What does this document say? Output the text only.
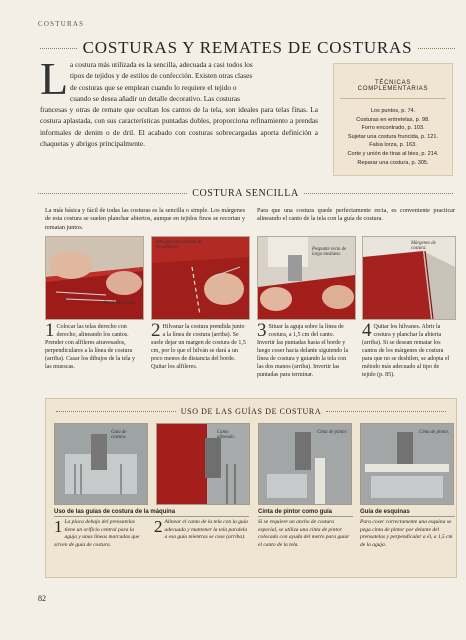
COSTURAS
COSTURAS Y REMATES DE COSTURAS
L a costura más utilizada es la sencilla, adecuada a casi todos los
tipos de tejidos y de estilos de confección. Existen otras clases
de costuras que se emplean cuando lo requiere el tejido o
cuando se desea añadir un detalle decorativo. Las costuras
francesas y otras de remate que ocultan los cantos de la tela, son ideales para telas finas. La costura aplastada, con sus características puntadas dobles, proporciona refinamiento a prendas informales de denim o de dril. El acabado con costuras sobrecargadas aporta definición a chaquetas y abrigos principalmente.
TÉCNICAS COMPLEMENTARIAS
Los puntos, p. 74.
Costuras en entretelas, p. 98.
Forro encontrado, p. 103.
Sujetar una costura fruncida, p. 121.
Falsa lorza, p. 163.
Corte y unión de tiras al bies, p. 214.
Reparar una costura, p. 305.
COSTURA SENCILLA
La más básica y fácil de todas las costuras es la sencilla o simple. Los márgenes de esta costura se suelen planchar abiertos, aunque en tejidos finos se recortan y rematan juntos.
Para que una costura quede perfectamente recta, es conveniente practicar alineando el canto de la tela con la guía de costura.
Revés de la tela.
Hilvanar por encima de los alfileres.	Pespunte recto de largo mediano.
Márgenes de costura.
1 Colocar las telas derecho con derecho, alineando los cantos. Prender con alfileres atravesados, perpendiculares a la línea de costura (arriba). Casar los dibujos de la tela y las muescas.
2 Hilvanar la costura prendida junto a la línea de costura (arriba). Se suele dejar un margen de costura de 1,5 cm, por lo que el hilván se dará a un poco menos de distancia del borde. Quitar los alfileres.
3 Situar la aguja sobre la línea de costura, a 1,5 cm del canto. Invertir las puntadas hasta el borde y luego coser hacia delante siguiendo la línea de costura y guiando la tela con las dos manos (arriba). Invertir las puntadas para terminar.
4 Quitar los hilvanes. Abrir la costura y planchar la abierta (arriba). Si se desean rematar los cantos de los márgenes de costura para que no se deshilen, se adopta el método más adecuado al tipo de tejido (p. 85).
USO DE LAS GUÍAS DE COSTURA
Guía de costura.
Canto alineado.
Cinta de pintor.	Cinta de pintor.
Uso de las guías de costura de la máquina
1 La placa debajo del prensatelas tiene un orificio central para la aguja y unas líneas marcadas que sirven de guía de costura.
2 Alinear el canto de la tela con la guía adecuada y mantener la tela paralela a esa guía mientras se cose (arriba).
Cinta de pintor como guía
Si se requiere un ancho de costura especial, se utiliza una cinta de pintor colocada con ayuda del metro para guiar el canto de la tela.
Guía de esquinas
Para coser correctamente una esquina se pega cinta de pintor por delante del prensatelas y perpendicular a él, a 1,5 cm de la aguja.
82
